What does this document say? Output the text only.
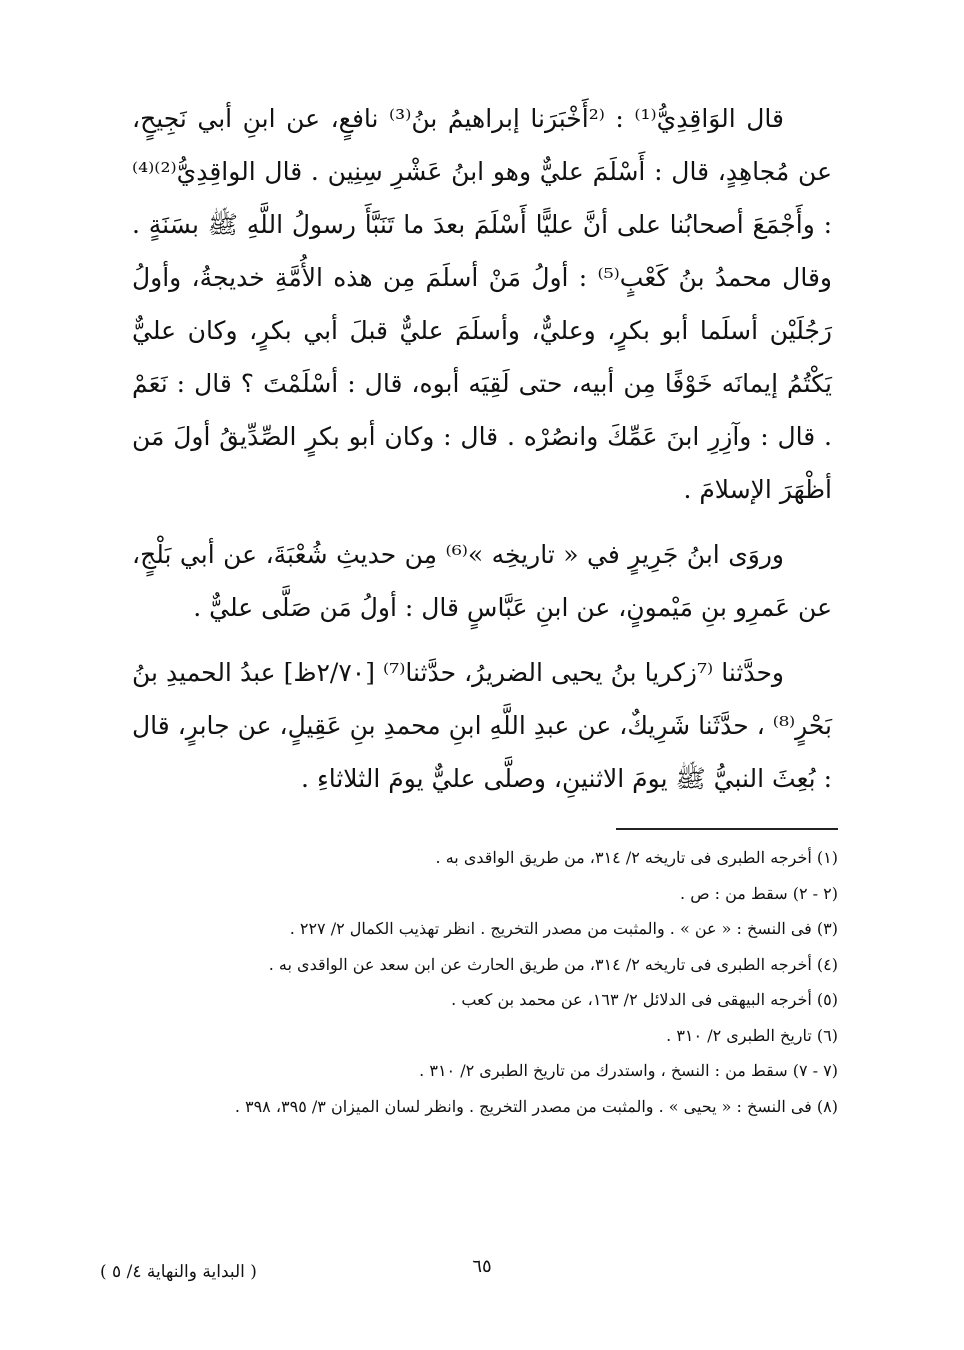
قال الوَاقِدِيُّ⁽¹⁾ : ⁽²أَخْبَرَنا إبراهيمُ بنُ⁽³⁾ نافعٍ، عن ابنِ أبي نَجِيحٍ، عن مُجاهِدٍ، قال : أَسْلَمَ عليٌّ وهو ابنُ عَشْرِ سِنِين . قال الواقِدِيُّ⁽²⁾⁽⁴⁾ : وأَجْمَعَ أصحابُنا على أنَّ عليًّا أَسْلَمَ بعدَ ما تَنَبَّأَ رسولُ اللَّهِ ﷺ بسَنَةٍ . وقال محمدُ بنُ كَعْبٍ⁽⁵⁾ : أولُ مَنْ أسلَمَ مِن هذه الأُمَّةِ خديجةُ، وأولُ رَجُلَيْن أسلَما أبو بكرٍ، وعليٌّ، وأسلَمَ عليٌّ قبلَ أبي بكرٍ، وكان عليٌّ يَكْتُمُ إيمانَه خَوْفًا مِن أبيه، حتى لَقِيَه أبوه، قال : أسْلَمْتَ ؟ قال : نَعَمْ . قال : وآزِرِ ابنَ عَمِّكَ وانصُرْه . قال : وكان أبو بكرٍ الصِّدِّيقُ أولَ مَن أظْهَرَ الإسلامَ .

وروَى ابنُ جَرِيرٍ في « تاريخِه »⁽⁶⁾ مِن حديثِ شُعْبَةَ، عن أبي بَلْجٍ، عن عَمرِو بنِ مَيْمونٍ، عن ابنِ عَبَّاسٍ قال : أولُ مَن صَلَّى عليٌّ .

وحدَّثنا ⁽⁷زكريا بنُ يحيى الضريرُ، حدَّثنا⁽⁷⁾ [٢/٧٠ظ] عبدُ الحميدِ بنُ بَحْرٍ⁽⁸⁾ ، حدَّثَنا شَرِيكٌ، عن عبدِ اللَّهِ ابنِ محمدِ بنِ عَقِيلٍ، عن جابرٍ، قال : بُعِثَ النبيُّ ﷺ يومَ الاثنينِ، وصلَّى عليٌّ يومَ الثلاثاءِ .

(١) أخرجه الطبرى فى تاريخه ٢/ ٣١٤، من طريق الواقدى به .
(٢ - ٢) سقط من : ص .
(٣) فى النسخ : « عن » . والمثبت من مصدر التخريج . انظر تهذيب الكمال ٢/ ٢٢٧ .
(٤) أخرجه الطبرى فى تاريخه ٢/ ٣١٤، من طريق الحارث عن ابن سعد عن الواقدى به .
(٥) أخرجه البيهقى فى الدلائل ٢/ ١٦٣، عن محمد بن كعب .
(٦) تاريخ الطبرى ٢/ ٣١٠ .
(٧ - ٧) سقط من : النسخ ، واستدرك من تاريخ الطبرى ٢/ ٣١٠ .
(٨) فى النسخ : « يحيى » . والمثبت من مصدر التخريج . وانظر لسان الميزان ٣/ ٣٩٥، ٣٩٨ .
٦٥
( البداية والنهاية ٤/ ٥ )
